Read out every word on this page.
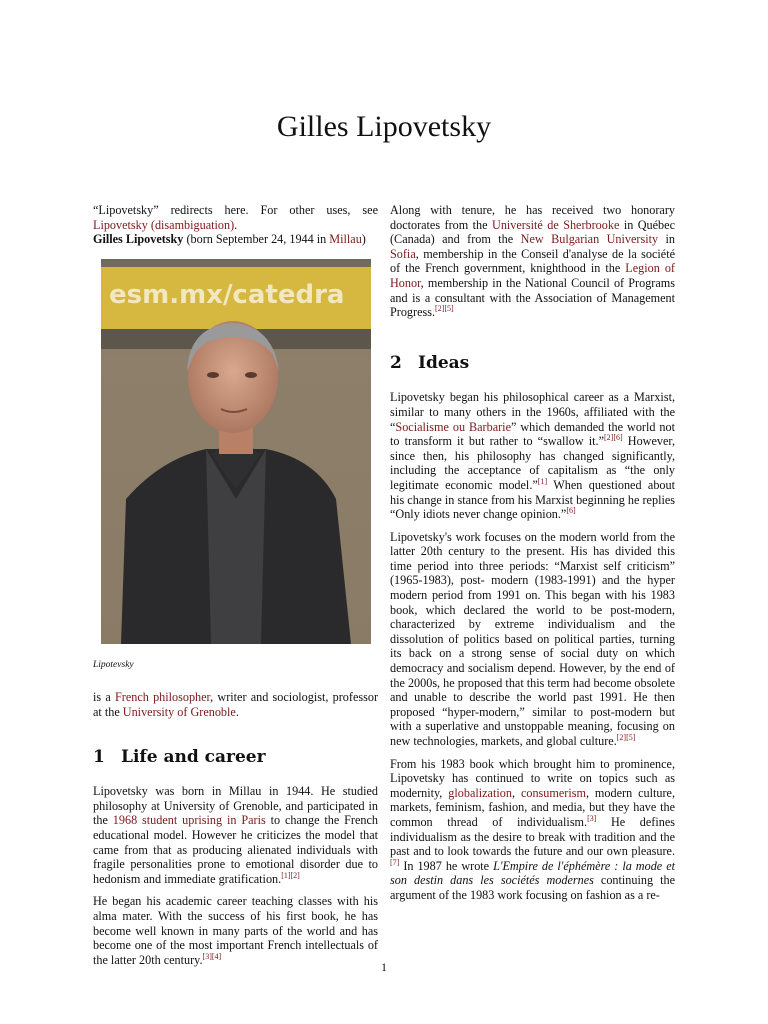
Gilles Lipovetsky

“Lipovetsky” redirects here. For other uses, see Lipovetsky (disambiguation).
Gilles Lipovetsky (born September 24, 1944 in Millau)

esm.mx/catedra
Lipotevsky

is a French philosopher, writer and sociologist, professor at the University of Grenoble.

1 Life and career

Lipovetsky was born in Millau in 1944. He studied philosophy at University of Grenoble, and participated in the 1968 student uprising in Paris to change the French educational model. However he criticizes the model that came from that as producing alienated individuals with fragile personalities prone to emotional disorder due to hedonism and immediate gratification.[1][2]

He began his academic career teaching classes with his alma mater. With the success of his first book, he has become well known in many parts of the world and has become one of the most important French intellectuals of the latter 20th century.[3][4]

Along with tenure, he has received two honorary doctorates from the Université de Sherbrooke in Québec (Canada) and from the New Bulgarian University in Sofia, membership in the Conseil d'analyse de la société of the French government, knighthood in the Legion of Honor, membership in the National Council of Programs and is a consultant with the Association of Management Progress.[2][5]

2 Ideas

Lipovetsky began his philosophical career as a Marxist, similar to many others in the 1960s, affiliated with the “Socialisme ou Barbarie” which demanded the world not to transform it but rather to “swallow it.”[2][6] However, since then, his philosophy has changed significantly, including the acceptance of capitalism as “the only legitimate economic model.”[1] When questioned about his change in stance from his Marxist beginning he replies “Only idiots never change opinion.”[6]

Lipovetsky's work focuses on the modern world from the latter 20th century to the present. His has divided this time period into three periods: “Marxist self criticism” (1965-1983), post- modern (1983-1991) and the hyper modern period from 1991 on. This began with his 1983 book, which declared the world to be post-modern, characterized by extreme individualism and the dissolution of politics based on political parties, turning its back on a strong sense of social duty on which democracy and socialism depend. However, by the end of the 2000s, he proposed that this term had become obsolete and unable to describe the world past 1991. He then proposed “hyper-modern,” similar to post-modern but with a superlative and unstoppable meaning, focusing on new technologies, markets, and global culture.[2][5]

From his 1983 book which brought him to prominence, Lipovetsky has continued to write on topics such as modernity, globalization, consumerism, modern culture, markets, feminism, fashion, and media, but they have the common thread of individualism.[3] He defines individualism as the desire to break with tradition and the past and to look towards the future and our own pleasure.[7] In 1987 he wrote L'Empire de l'éphémère : la mode et son destin dans les sociétés modernes continuing the argument of the 1983 work focusing on fashion as a re-

1
